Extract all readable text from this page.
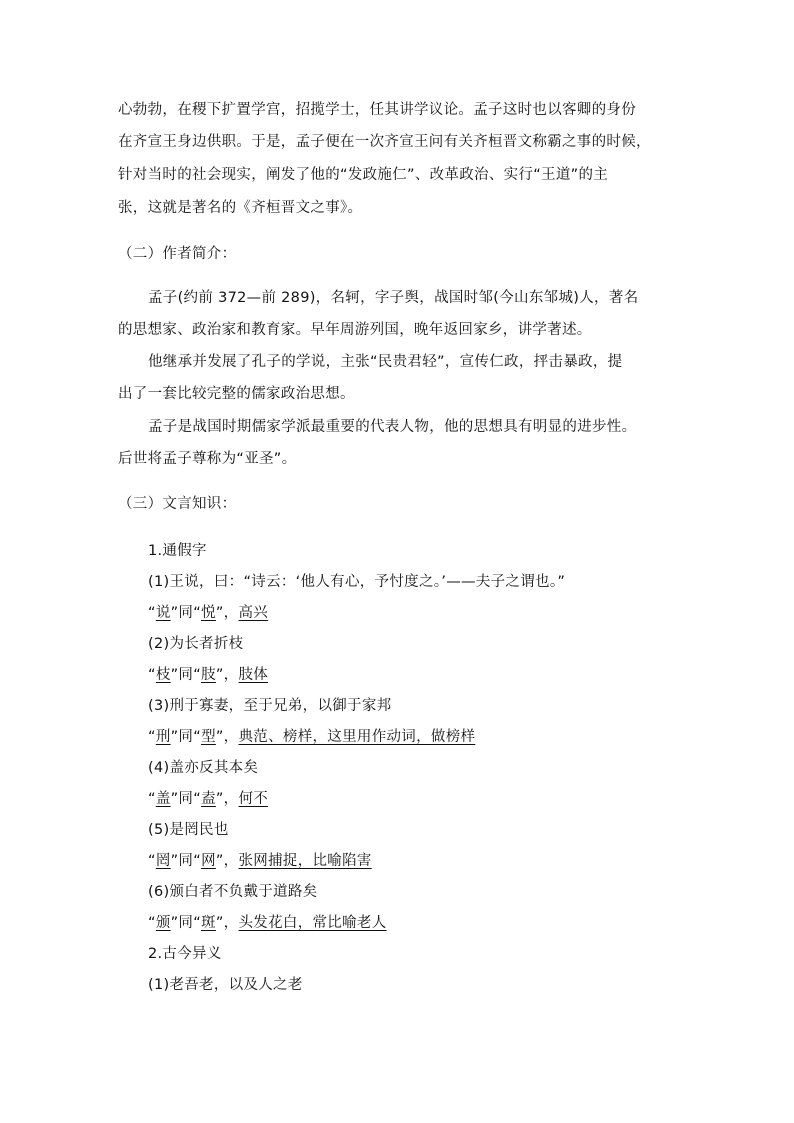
心勃勃，在稷下扩置学宫，招揽学士，任其讲学议论。孟子这时也以客卿的身份
在齐宣王身边供职。于是，孟子便在一次齐宣王问有关齐桓晋文称霸之事的时候，
针对当时的社会现实，阐发了他的“发政施仁”、改革政治、实行“王道”的主
张，这就是著名的《齐桓晋文之事》。
（二）作者简介：
孟子(约前 372—前 289)，名轲，字子舆，战国时邹(今山东邹城)人，著名
的思想家、政治家和教育家。早年周游列国，晚年返回家乡，讲学著述。
他继承并发展了孔子的学说，主张“民贵君轻”，宣传仁政，抨击暴政，提
出了一套比较完整的儒家政治思想。
孟子是战国时期儒家学派最重要的代表人物，他的思想具有明显的进步性。
后世将孟子尊称为“亚圣”。
（三）文言知识：
1.通假字
(1)王说，曰：“诗云：‘他人有心，予忖度之。’——夫子之谓也。”
“说”同“悦”，高兴
(2)为长者折枝
“枝”同“肢”，肢体
(3)刑于寡妻，至于兄弟，以御于家邦
“刑”同“型”，典范、榜样，这里用作动词，做榜样
(4)盖亦反其本矣
“盖”同“盍”，何不
(5)是罔民也
“罔”同“网”，张网捕捉，比喻陷害
(6)颁白者不负戴于道路矣
“颁”同“斑”，头发花白，常比喻老人
2.古今异义
(1)老吾老，以及人之老
